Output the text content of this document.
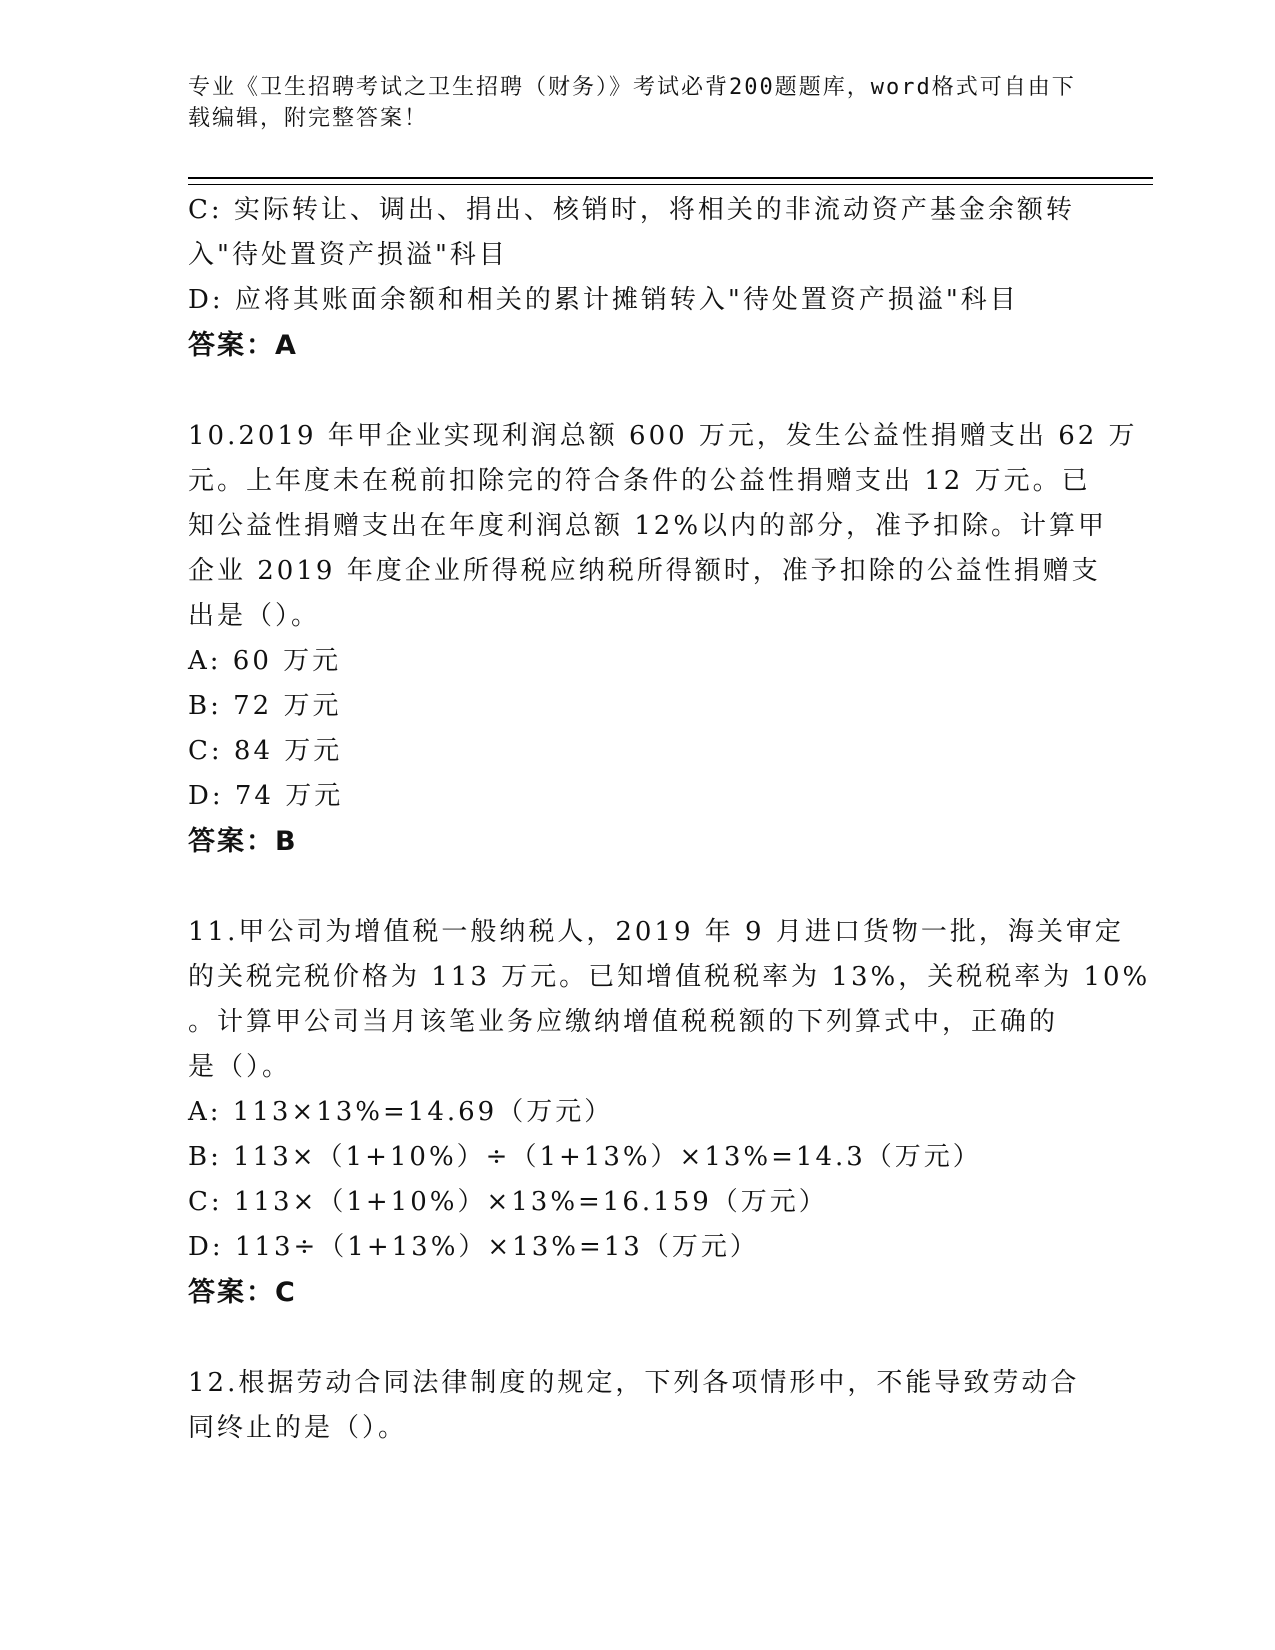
专业《卫生招聘考试之卫生招聘（财务）》考试必背200题题库，word格式可自由下载编辑，附完整答案！
C: 实际转让、调出、捐出、核销时，将相关的非流动资产基金余额转
入"待处置资产损溢"科目
D: 应将其账面余额和相关的累计摊销转入"待处置资产损溢"科目
答案：A
10.2019 年甲企业实现利润总额 600 万元，发生公益性捐赠支出 62 万
元。上年度未在税前扣除完的符合条件的公益性捐赠支出 12 万元。已
知公益性捐赠支出在年度利润总额 12%以内的部分，准予扣除。计算甲
企业 2019 年度企业所得税应纳税所得额时，准予扣除的公益性捐赠支
出是（）。
A: 60 万元
B: 72 万元
C: 84 万元
D: 74 万元
答案：B
11.甲公司为增值税一般纳税人，2019 年 9 月进口货物一批，海关审定
的关税完税价格为 113 万元。已知增值税税率为 13%，关税税率为 10%
。计算甲公司当月该笔业务应缴纳增值税税额的下列算式中，正确的
是（）。
A: 113×13%=14.69（万元）
B: 113×（1+10%）÷（1+13%）×13%=14.3（万元）
C: 113×（1+10%）×13%=16.159（万元）
D: 113÷（1+13%）×13%=13（万元）
答案：C
12.根据劳动合同法律制度的规定，下列各项情形中，不能导致劳动合
同终止的是（）。
